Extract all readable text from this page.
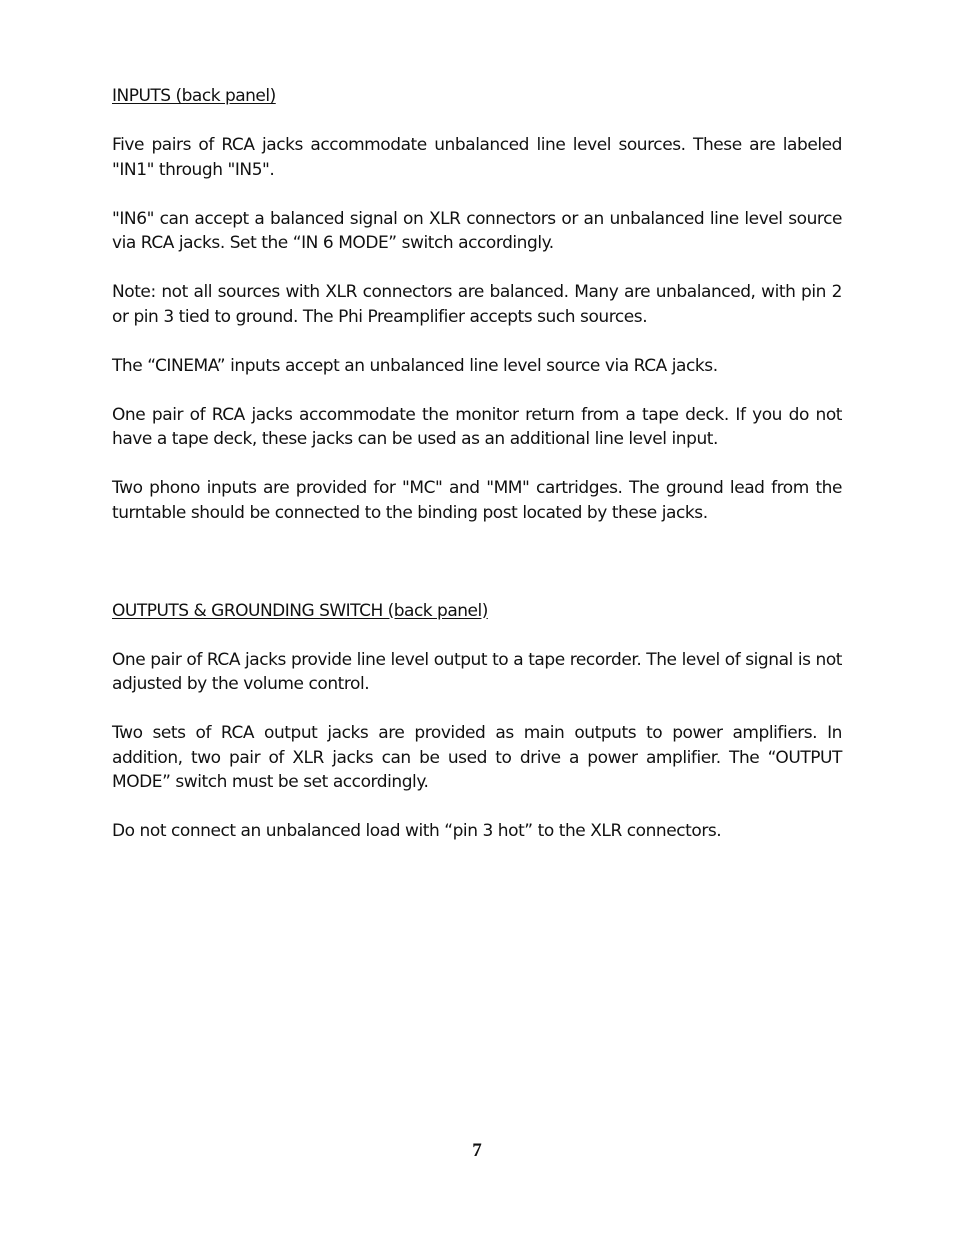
INPUTS (back panel)

Five pairs of RCA jacks accommodate unbalanced line level sources. These are labeled "IN1" through "IN5".

"IN6" can accept a balanced signal on XLR connectors or an unbalanced line level source via RCA jacks. Set the “IN 6 MODE” switch accordingly.

Note: not all sources with XLR connectors are balanced. Many are unbalanced, with pin 2 or pin 3 tied to ground. The Phi Preamplifier accepts such sources.

The “CINEMA” inputs accept an unbalanced line level source via RCA jacks.

One pair of RCA jacks accommodate the monitor return from a tape deck. If you do not have a tape deck, these jacks can be used as an additional line level input.

Two phono inputs are provided for "MC" and "MM" cartridges. The ground lead from the turntable should be connected to the binding post located by these jacks.

OUTPUTS & GROUNDING SWITCH (back panel)

One pair of RCA jacks provide line level output to a tape recorder. The level of signal is not adjusted by the volume control.

Two sets of RCA output jacks are provided as main outputs to power amplifiers. In addition, two pair of XLR jacks can be used to drive a power amplifier. The “OUTPUT MODE” switch must be set accordingly.

Do not connect an unbalanced load with “pin 3 hot” to the XLR connectors.

7
